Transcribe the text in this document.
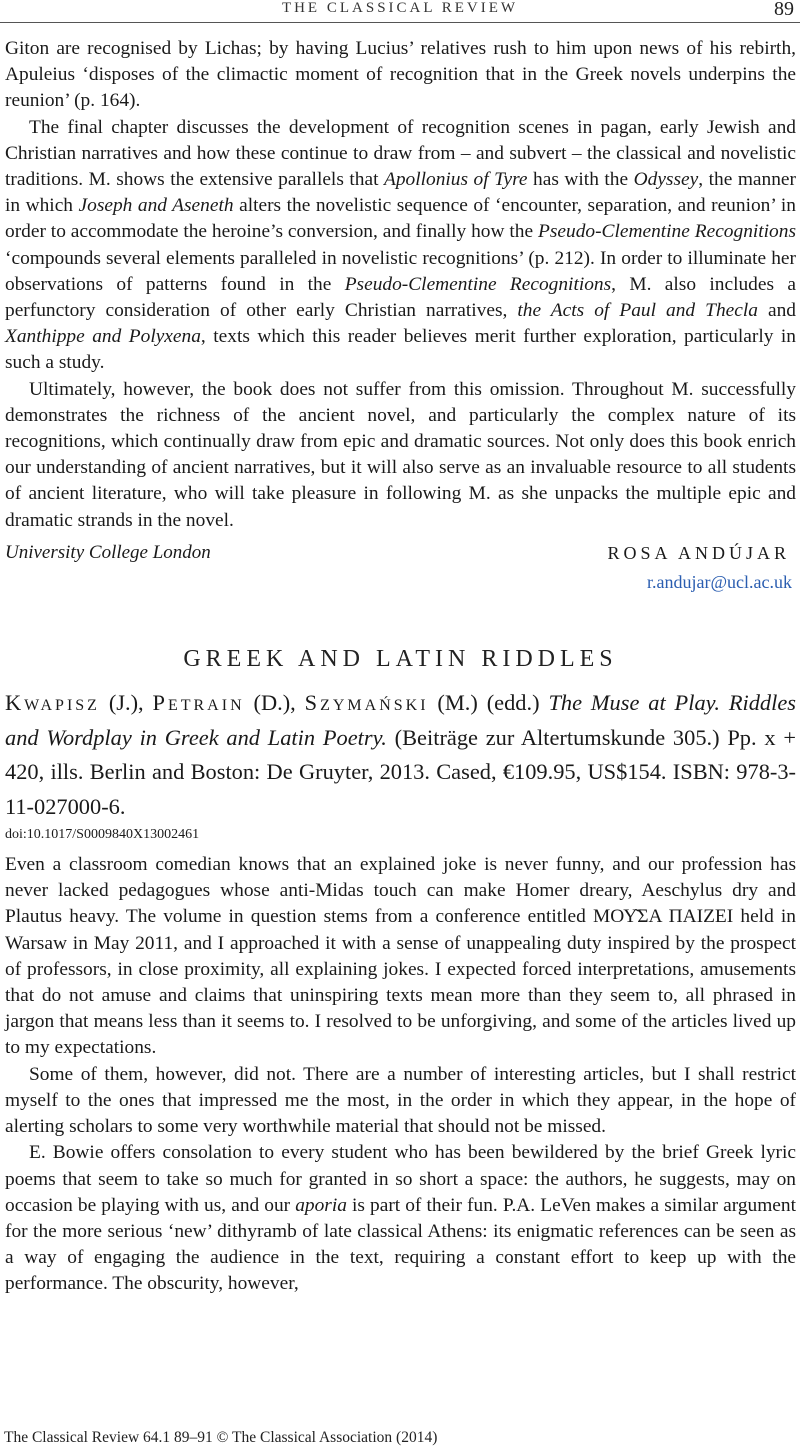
THE CLASSICAL REVIEW	89

Giton are recognised by Lichas; by having Lucius’ relatives rush to him upon news of his rebirth, Apuleius ‘disposes of the climactic moment of recognition that in the Greek novels underpins the reunion’ (p. 164).

The final chapter discusses the development of recognition scenes in pagan, early Jewish and Christian narratives and how these continue to draw from – and subvert – the classical and novelistic traditions. M. shows the extensive parallels that Apollonius of Tyre has with the Odyssey, the manner in which Joseph and Aseneth alters the novelistic sequence of ‘encounter, separation, and reunion’ in order to accommodate the heroine’s conversion, and finally how the Pseudo-Clementine Recognitions ‘compounds several elements paralleled in novelistic recognitions’ (p. 212). In order to illuminate her observations of patterns found in the Pseudo-Clementine Recognitions, M. also includes a perfunctory consideration of other early Christian narratives, the Acts of Paul and Thecla and Xanthippe and Polyxena, texts which this reader believes merit further exploration, particularly in such a study.

Ultimately, however, the book does not suffer from this omission. Throughout M. successfully demonstrates the richness of the ancient novel, and particularly the complex nature of its recognitions, which continually draw from epic and dramatic sources. Not only does this book enrich our understanding of ancient narratives, but it will also serve as an invaluable resource to all students of ancient literature, who will take pleasure in following M. as she unpacks the multiple epic and dramatic strands in the novel.

University College London	ROSA ANDÚJAR
r.andujar@ucl.ac.uk
GREEK AND LATIN RIDDLES
Kwapisz (J.), Petrain (D.), Szymański (M.) (edd.) The Muse at Play. Riddles and Wordplay in Greek and Latin Poetry. (Beiträge zur Altertumskunde 305.) Pp. x + 420, ills. Berlin and Boston: De Gruyter, 2013. Cased, €109.95, US$154. ISBN: 978-3-11-027000-6.
doi:10.1017/S0009840X13002461

Even a classroom comedian knows that an explained joke is never funny, and our profession has never lacked pedagogues whose anti-Midas touch can make Homer dreary, Aeschylus dry and Plautus heavy. The volume in question stems from a conference entitled ΜΟΥ͂ΣΑ ΠΑΙΖΕΙ held in Warsaw in May 2011, and I approached it with a sense of unappealing duty inspired by the prospect of professors, in close proximity, all explaining jokes. I expected forced interpretations, amusements that do not amuse and claims that uninspiring texts mean more than they seem to, all phrased in jargon that means less than it seems to. I resolved to be unforgiving, and some of the articles lived up to my expectations.

Some of them, however, did not. There are a number of interesting articles, but I shall restrict myself to the ones that impressed me the most, in the order in which they appear, in the hope of alerting scholars to some very worthwhile material that should not be missed.

E. Bowie offers consolation to every student who has been bewildered by the brief Greek lyric poems that seem to take so much for granted in so short a space: the authors, he suggests, may on occasion be playing with us, and our aporia is part of their fun. P.A. LeVen makes a similar argument for the more serious ‘new’ dithyramb of late classical Athens: its enigmatic references can be seen as a way of engaging the audience in the text, requiring a constant effort to keep up with the performance. The obscurity, however,

The Classical Review 64.1 89–91 © The Classical Association (2014)
